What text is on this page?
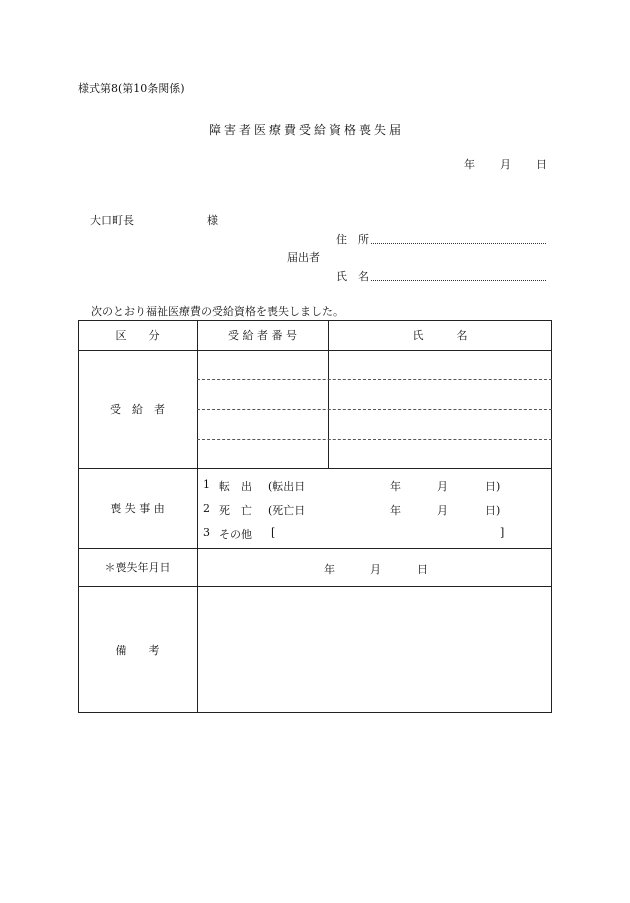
様式第8(第10条関係)
障害者医療費受給資格喪失届
年 月 日
大口町長	様
住　所
届出者
氏　名
次のとおり福祉医療費の受給資格を喪失しました。
区　　分	受 給 者 番 号	氏　　　名
受　給　者
喪 失 事 由
1 転　出 (転出日	年	月	日)
2 死　亡 (死亡日	年	月	日)
3 その他 [	]
＊喪失年月日	年	月	日
備　　考
